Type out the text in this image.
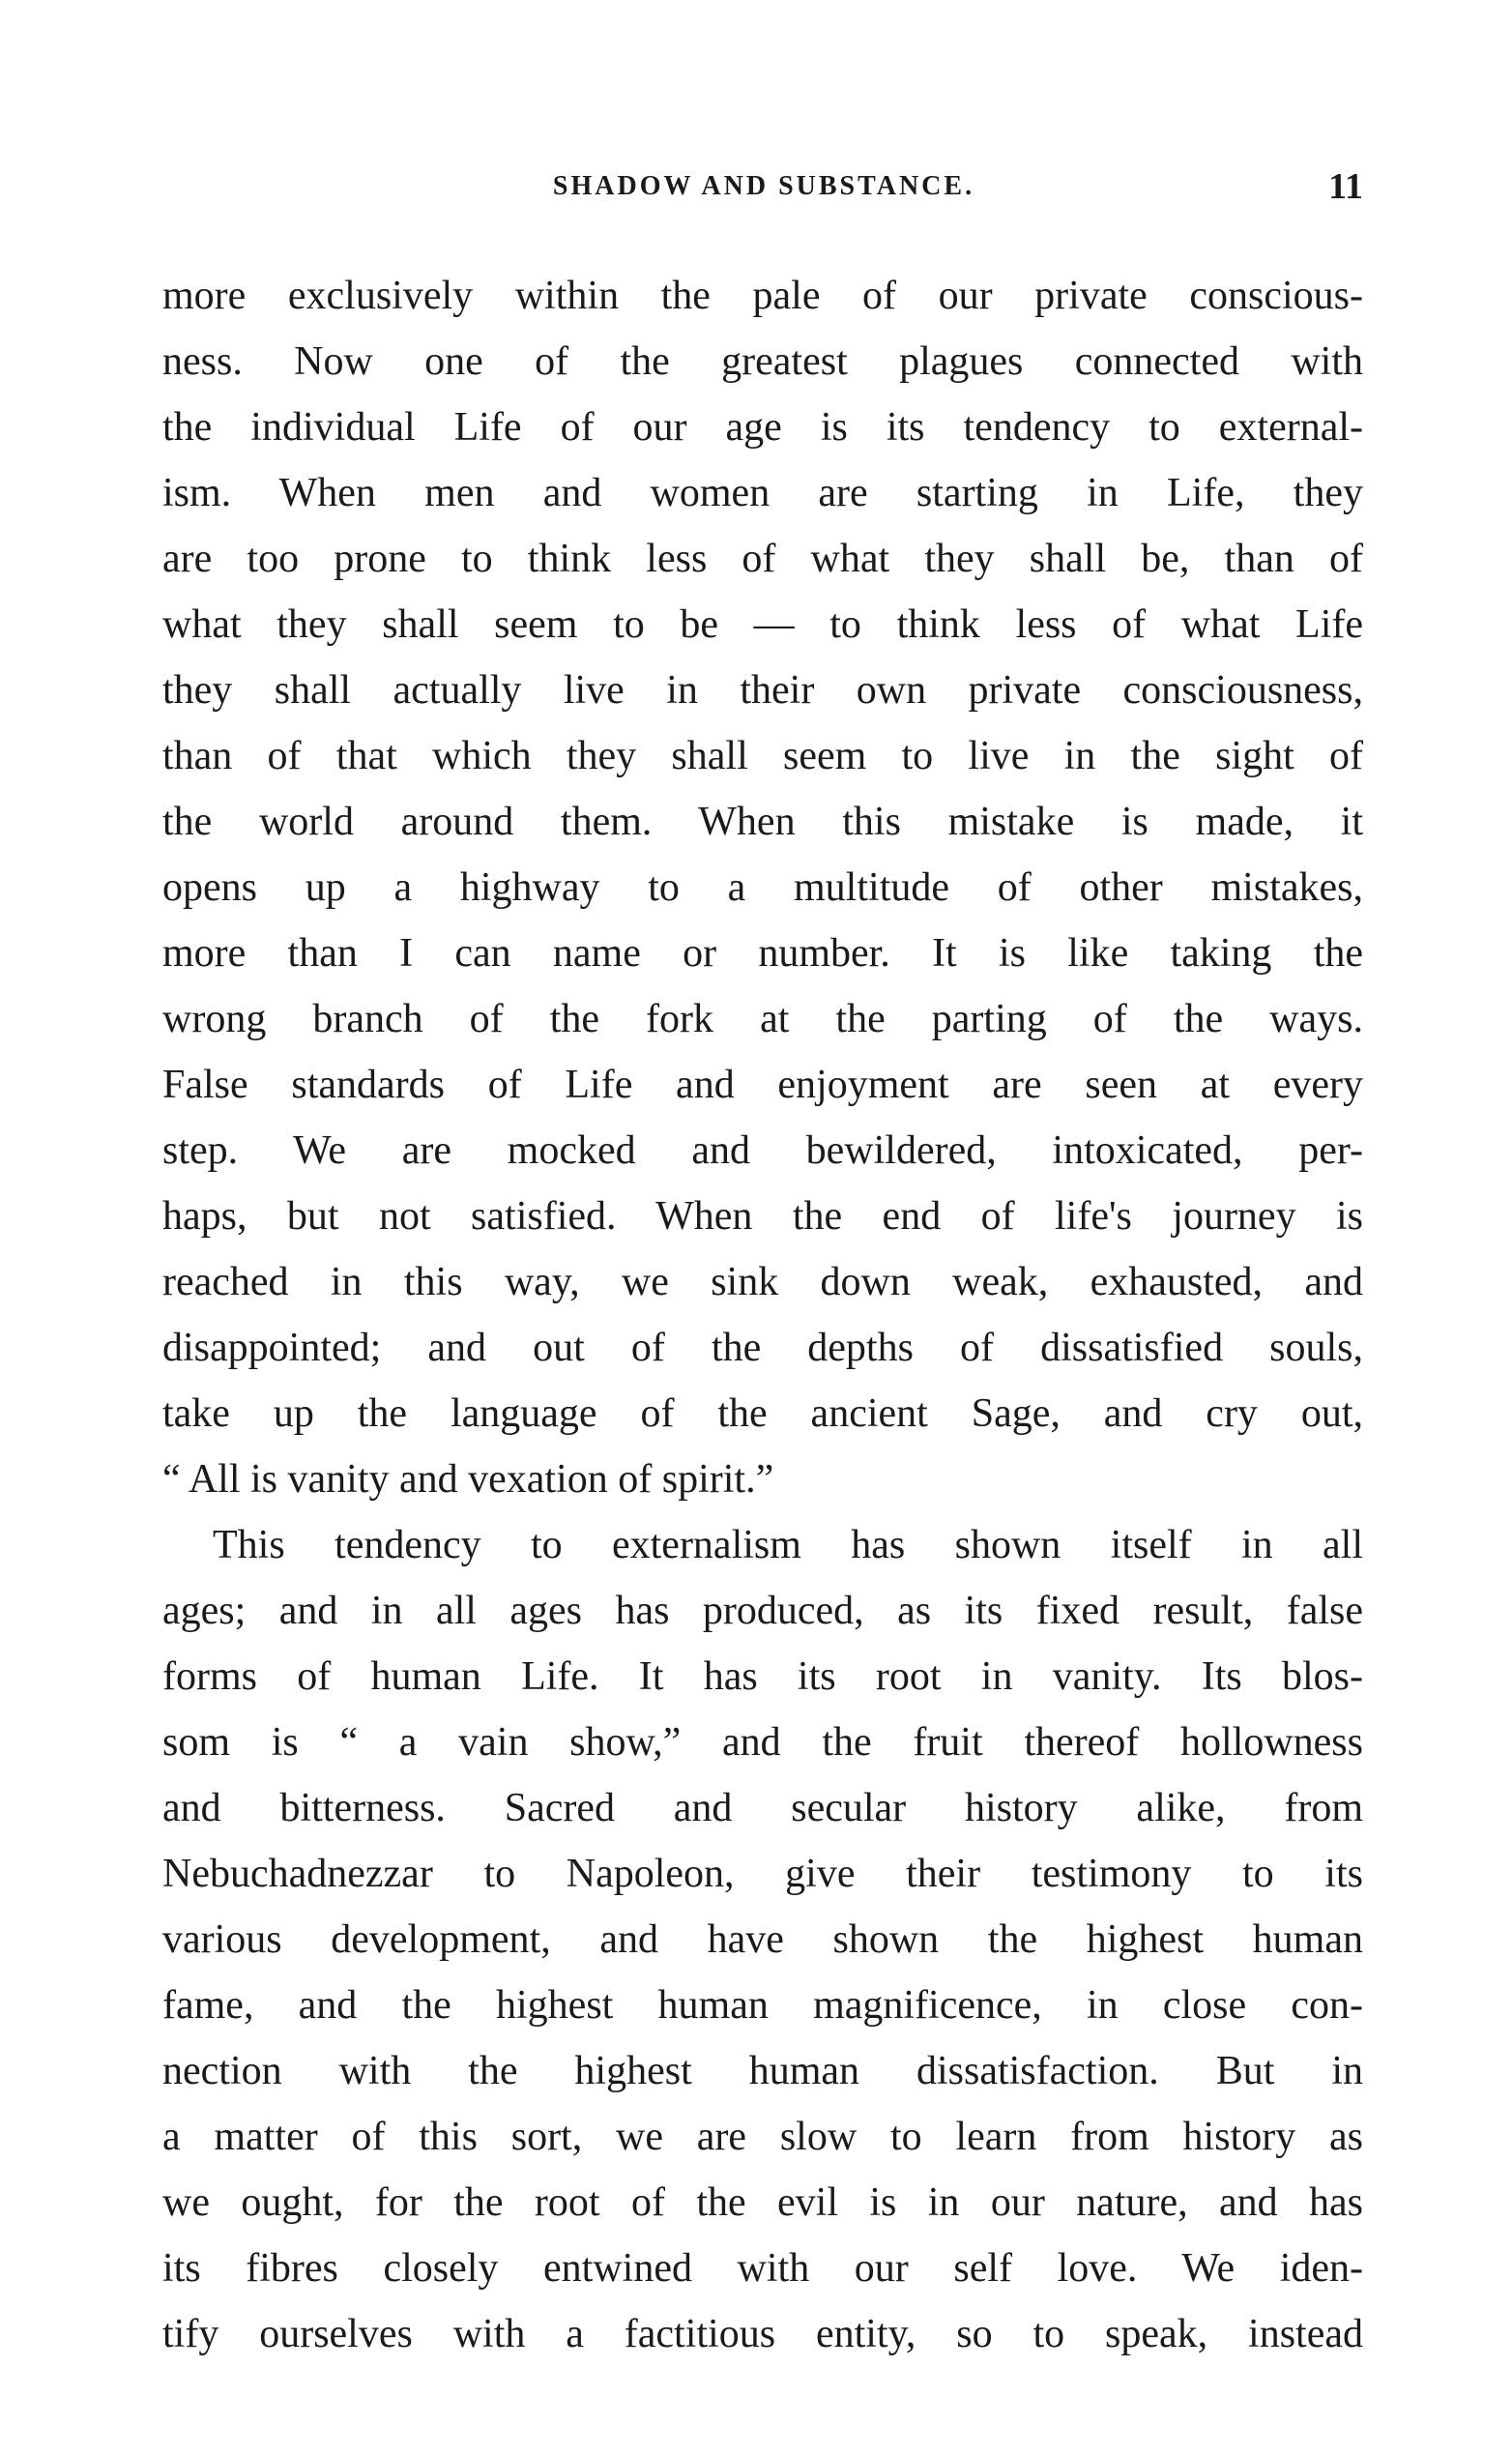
SHADOW AND SUBSTANCE.	11
more exclusively within the pale of our private conscious-
ness. Now one of the greatest plagues connected with
the individual Life of our age is its tendency to external-
ism. When men and women are starting in Life, they
are too prone to think less of what they shall be, than of
what they shall seem to be — to think less of what Life
they shall actually live in their own private consciousness,
than of that which they shall seem to live in the sight of
the world around them. When this mistake is made, it
opens up a highway to a multitude of other mistakes,
more than I can name or number. It is like taking the
wrong branch of the fork at the parting of the ways.
False standards of Life and enjoyment are seen at every
step. We are mocked and bewildered, intoxicated, per-
haps, but not satisfied. When the end of life's journey is
reached in this way, we sink down weak, exhausted, and
disappointed; and out of the depths of dissatisfied souls,
take up the language of the ancient Sage, and cry out,
“ All is vanity and vexation of spirit.”
This tendency to externalism has shown itself in all
ages; and in all ages has produced, as its fixed result, false
forms of human Life. It has its root in vanity. Its blos-
som is “ a vain show,” and the fruit thereof hollowness
and bitterness. Sacred and secular history alike, from
Nebuchadnezzar to Napoleon, give their testimony to its
various development, and have shown the highest human
fame, and the highest human magnificence, in close con-
nection with the highest human dissatisfaction. But in
a matter of this sort, we are slow to learn from history as
we ought, for the root of the evil is in our nature, and has
its fibres closely entwined with our self love. We iden-
tify ourselves with a factitious entity, so to speak, instead
